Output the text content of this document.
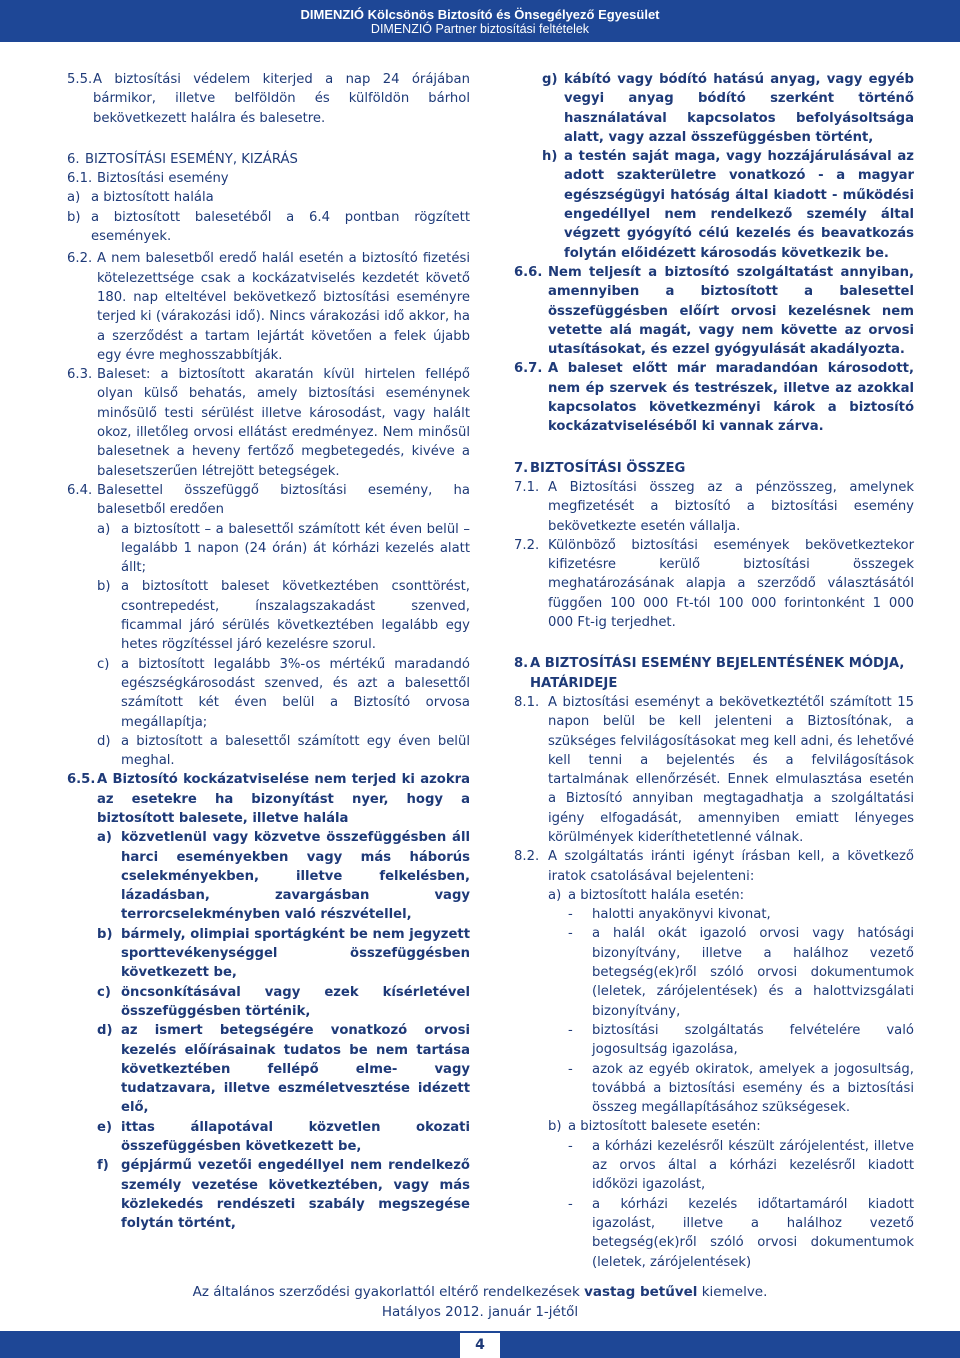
DIMENZIÓ Kölcsönös Biztosító és Önsegélyező Egyesület
DIMENZIÓ Partner biztosítási feltételek
5.5. A biztosítási védelem kiterjed a nap 24 órájában bármikor, illetve belföldön és külföldön bárhol bekövetkezett halálra és balesetre.
6. BIZTOSÍTÁSI ESEMÉNY, KIZÁRÁS
6.1. Biztosítási esemény
a) a biztosított halála
b) a biztosított balesetéből a 6.4 pontban rögzített események.
6.2. A nem balesetből eredő halál esetén a biztosító fizetési kötelezettsége csak a kockázatviselés kezdetét követő 180. nap elteltével bekövetkező biztosítási eseményre terjed ki (várakozási idő). Nincs várakozási idő akkor, ha a szerződést a tartam lejártát követően a felek újabb egy évre meghosszabbítják.
6.3. Baleset: a biztosított akaratán kívül hirtelen fellépő olyan külső behatás, amely biztosítási eseménynek minősülő testi sérülést illetve károsodást, vagy halált okoz, illetőleg orvosi ellátást eredményez. Nem minősül balesetnek a heveny fertőző megbetegedés, kivéve a balesetszerűen létrejött betegségek.
6.4. Balesettel összefüggő biztosítási esemény, ha balesetből eredően
a) a biztosított – a balesettől számított két éven belül – legalább 1 napon (24 órán) át kórházi kezelés alatt állt;
b) a biztosított baleset következtében csonttörést, csontrepedést, ínszalagszakadást szenved, ficammal járó sérülés következtében legalább egy hetes rögzítéssel járó kezelésre szorul.
c) a biztosított legalább 3%-os mértékű maradandó egészségkárosodást szenved, és azt a balesettől számított két éven belül a Biztosító orvosa megállapítja;
d) a biztosított a balesettől számított egy éven belül meghal.
6.5. A Biztosító kockázatviselése nem terjed ki azokra az esetekre ha bizonyítást nyer, hogy a biztosított balesete, illetve halála
a) közvetlenül vagy közvetve összefüggésben áll harci eseményekben vagy más háborús cselekményekben, illetve felkelésben, lázadásban, zavargásban vagy terrorcselekményben való részvétellel,
b) bármely, olimpiai sportágként be nem jegyzett sporttevékenységgel összefüggésben következett be,
c) öncsonkításával vagy ezek kísérletével összefüggésben történik,
d) az ismert betegségére vonatkozó orvosi kezelés előírásainak tudatos be nem tartása következtében fellépő elme- vagy tudatzavara, illetve eszméletvesztése idézett elő,
e) ittas állapotával közvetlen okozati összefüggésben következett be,
f) gépjármű vezetői engedéllyel nem rendelkező személy vezetése következtében, vagy más közlekedés rendészeti szabály megszegése folytán történt,
g) kábító vagy bódító hatású anyag, vagy egyéb vegyi anyag bódító szerként történő használatával kapcsolatos befolyásoltsága alatt, vagy azzal összefüggésben történt,
h) a testén saját maga, vagy hozzájárulásával az adott szakterületre vonatkozó - a magyar egészségügyi hatóság által kiadott - működési engedéllyel nem rendelkező személy által végzett gyógyító célú kezelés és beavatkozás folytán előidézett károsodás következik be.
6.6. Nem teljesít a biztosító szolgáltatást annyiban, amennyiben a biztosított a balesettel összefüggésben előírt orvosi kezelésnek nem vetette alá magát, vagy nem követte az orvosi utasításokat, és ezzel gyógyulását akadályozta.
6.7. A baleset előtt már maradandóan károsodott, nem ép szervek és testrészek, illetve az azokkal kapcsolatos következményi károk a biztosító kockázatviseléséből ki vannak zárva.
7. BIZTOSÍTÁSI ÖSSZEG
7.1. A Biztosítási összeg az a pénzösszeg, amelynek megfizetését a biztosító a biztosítási esemény bekövetkezte esetén vállalja.
7.2. Különböző biztosítási események bekövetkeztekor kifizetésre kerülő biztosítási összegek meghatározásának alapja a szerződő választásától függően 100 000 Ft-tól 100 000 forintonként 1 000 000 Ft-ig terjedhet.
8. A BIZTOSÍTÁSI ESEMÉNY BEJELENTÉSÉNEK MÓDJA, HATÁRIDEJE
8.1. A biztosítási eseményt a bekövetkeztétől számított 15 napon belül be kell jelenteni a Biztosítónak, a szükséges felvilágosításokat meg kell adni, és lehetővé kell tenni a bejelentés és a felvilágosítások tartalmának ellenőrzését. Ennek elmulasztása esetén a Biztosító annyiban megtagadhatja a szolgáltatási igény elfogadását, amennyiben emiatt lényeges körülmények kideríthetetlenné válnak.
8.2. A szolgáltatás iránti igényt írásban kell, a következő iratok csatolásával bejelenteni:
a) a biztosított halála esetén:
- halotti anyakönyvi kivonat,
- a halál okát igazoló orvosi vagy hatósági bizonyítvány, illetve a halálhoz vezető betegség(ek)ről szóló orvosi dokumentumok (leletek, zárójelentések) és a halottvizsgálati bizonyítvány,
- biztosítási szolgáltatás felvételére való jogosultság igazolása,
- azok az egyéb okiratok, amelyek a jogosultság, továbbá a biztosítási esemény és a biztosítási összeg megállapításához szükségesek.
b) a biztosított balesete esetén:
- a kórházi kezelésről készült zárójelentést, illetve az orvos által a kórházi kezelésről kiadott időközi igazolást,
- a kórházi kezelés időtartamáról kiadott igazolást, illetve a halálhoz vezető betegség(ek)ről szóló orvosi dokumentumok (leletek, zárójelentések)
Az általános szerződési gyakorlattól eltérő rendelkezések vastag betűvel kiemelve.
Hatályos 2012. január 1-jétől
4
